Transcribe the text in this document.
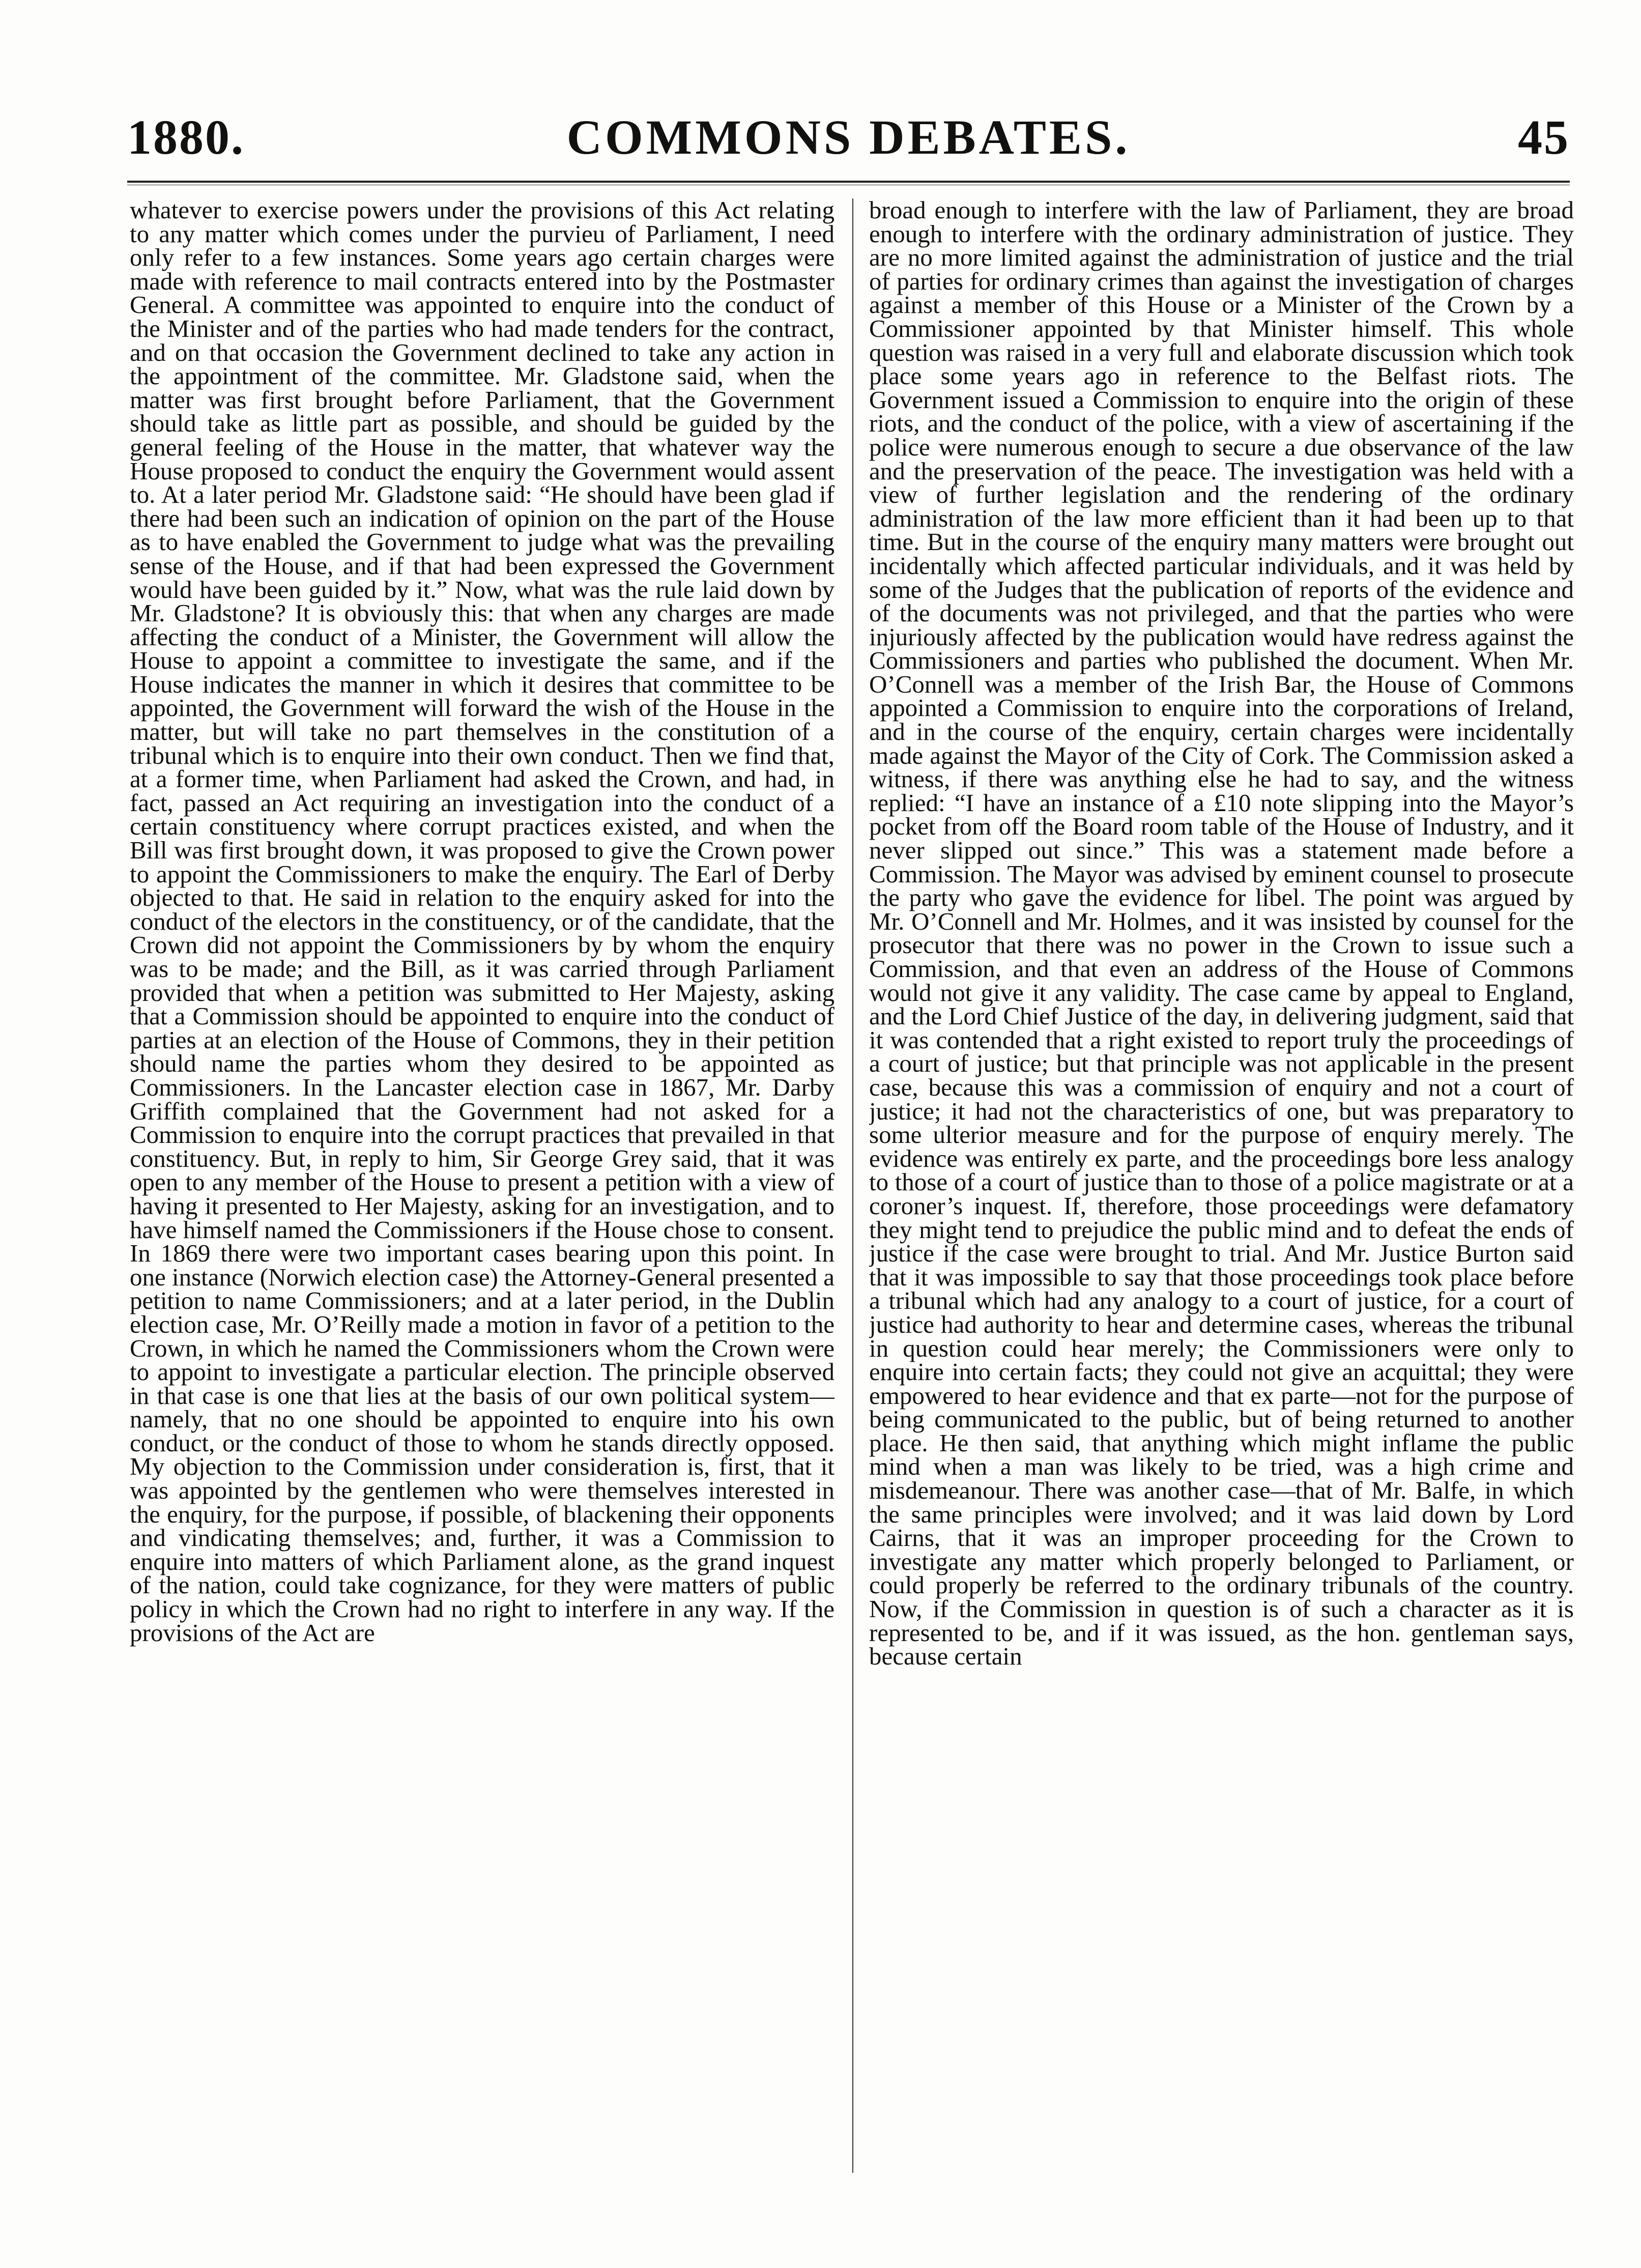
1880.	COMMONS DEBATES.	45

whatever to exercise powers under the provisions of this Act relating to any matter which comes under the purvieu of Parliament, I need only refer to a few instances. Some years ago certain charges were made with reference to mail contracts entered into by the Postmaster General. A committee was appointed to enquire into the conduct of the Minister and of the parties who had made tenders for the contract, and on that occasion the Government declined to take any action in the appointment of the committee. Mr. Gladstone said, when the matter was first brought before Parliament, that the Government should take as little part as possible, and should be guided by the general feeling of the House in the matter, that whatever way the House proposed to conduct the enquiry the Government would assent to. At a later period Mr. Gladstone said: “He should have been glad if there had been such an indication of opinion on the part of the House as to have enabled the Government to judge what was the prevailing sense of the House, and if that had been expressed the Government would have been guided by it.” Now, what was the rule laid down by Mr. Gladstone? It is obviously this: that when any charges are made affecting the conduct of a Minister, the Government will allow the House to appoint a committee to investigate the same, and if the House indicates the manner in which it desires that committee to be appointed, the Government will forward the wish of the House in the matter, but will take no part themselves in the constitution of a tribunal which is to enquire into their own conduct. Then we find that, at a former time, when Parliament had asked the Crown, and had, in fact, passed an Act requiring an investigation into the conduct of a certain constituency where corrupt practices existed, and when the Bill was first brought down, it was proposed to give the Crown power to appoint the Commissioners to make the enquiry. The Earl of Derby objected to that. He said in relation to the enquiry asked for into the conduct of the electors in the constituency, or of the candidate, that the Crown did not appoint the Commissioners by by whom the enquiry was to be made; and the Bill, as it was carried through Parliament provided that when a petition was submitted to Her Majesty, asking that a Commission should be appointed to enquire into the conduct of parties at an election of the House of Commons, they in their petition should name the parties whom they desired to be appointed as Commissioners. In the Lancaster election case in 1867, Mr. Darby Griffith complained that the Government had not asked for a Commission to enquire into the corrupt practices that prevailed in that constituency. But, in reply to him, Sir George Grey said, that it was open to any member of the House to present a petition with a view of having it presented to Her Majesty, asking for an investigation, and to have himself named the Commissioners if the House chose to consent. In 1869 there were two important cases bearing upon this point. In one instance (Norwich election case) the Attorney-General presented a petition to name Commissioners; and at a later period, in the Dublin election case, Mr. O’Reilly made a motion in favor of a petition to the Crown, in which he named the Commissioners whom the Crown were to appoint to investigate a particular election. The principle observed in that case is one that lies at the basis of our own political system—namely, that no one should be appointed to enquire into his own conduct, or the conduct of those to whom he stands directly opposed. My objection to the Commission under consideration is, first, that it was appointed by the gentlemen who were themselves interested in the enquiry, for the purpose, if possible, of blackening their opponents and vindicating themselves; and, further, it was a Commission to enquire into matters of which Parliament alone, as the grand inquest of the nation, could take cognizance, for they were matters of public policy in which the Crown had no right to interfere in any way. If the provisions of the Act are

broad enough to interfere with the law of Parliament, they are broad enough to interfere with the ordinary administration of justice. They are no more limited against the administration of justice and the trial of parties for ordinary crimes than against the investigation of charges against a member of this House or a Minister of the Crown by a Commissioner appointed by that Minister himself. This whole question was raised in a very full and elaborate discussion which took place some years ago in reference to the Belfast riots. The Government issued a Commission to enquire into the origin of these riots, and the conduct of the police, with a view of ascertaining if the police were numerous enough to secure a due observance of the law and the preservation of the peace. The investigation was held with a view of further legislation and the rendering of the ordinary administration of the law more efficient than it had been up to that time. But in the course of the enquiry many matters were brought out incidentally which affected particular individuals, and it was held by some of the Judges that the publication of reports of the evidence and of the documents was not privileged, and that the parties who were injuriously affected by the publication would have redress against the Commissioners and parties who published the document. When Mr. O’Connell was a member of the Irish Bar, the House of Commons appointed a Commission to enquire into the corporations of Ireland, and in the course of the enquiry, certain charges were incidentally made against the Mayor of the City of Cork. The Commission asked a witness, if there was anything else he had to say, and the witness replied: “I have an instance of a £10 note slipping into the Mayor’s pocket from off the Board room table of the House of Industry, and it never slipped out since.” This was a statement made before a Commission. The Mayor was advised by eminent counsel to prosecute the party who gave the evidence for libel. The point was argued by Mr. O’Connell and Mr. Holmes, and it was insisted by counsel for the prosecutor that there was no power in the Crown to issue such a Commission, and that even an address of the House of Commons would not give it any validity. The case came by appeal to England, and the Lord Chief Justice of the day, in delivering judgment, said that it was contended that a right existed to report truly the proceedings of a court of justice; but that principle was not applicable in the present case, because this was a commission of enquiry and not a court of justice; it had not the characteristics of one, but was preparatory to some ulterior measure and for the purpose of enquiry merely. The evidence was entirely ex parte, and the proceedings bore less analogy to those of a court of justice than to those of a police magistrate or at a coroner’s inquest. If, therefore, those proceedings were defamatory they might tend to prejudice the public mind and to defeat the ends of justice if the case were brought to trial. And Mr. Justice Burton said that it was impossible to say that those proceedings took place before a tribunal which had any analogy to a court of justice, for a court of justice had authority to hear and determine cases, whereas the tribunal in question could hear merely; the Commissioners were only to enquire into certain facts; they could not give an acquittal; they were empowered to hear evidence and that ex parte—not for the purpose of being communicated to the public, but of being returned to another place. He then said, that anything which might inflame the public mind when a man was likely to be tried, was a high crime and misdemeanour. There was another case—that of Mr. Balfe, in which the same principles were involved; and it was laid down by Lord Cairns, that it was an improper proceeding for the Crown to investigate any matter which properly belonged to Parliament, or could properly be referred to the ordinary tribunals of the country. Now, if the Commission in question is of such a character as it is represented to be, and if it was issued, as the hon. gentleman says, because certain
